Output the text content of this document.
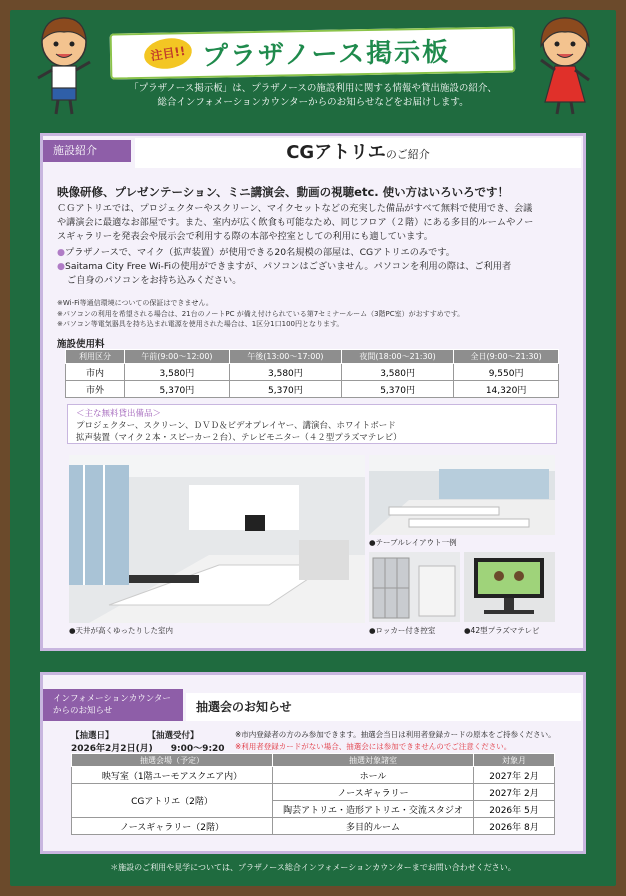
注目!! プラザノース掲示板
「プラザノース掲示板」は、プラザノースの施設利用に関する情報や貸出施設の紹介、
総合インフォメーションカウンターからのお知らせなどをお届けします。
施設紹介	CGアトリエのご紹介
映像研修、プレゼンテーション、ミニ講演会、動画の視聴etc. 使い方はいろいろです！
ＣＧアトリエでは、プロジェクターやスクリーン、マイクセットなどの充実した備品がすべて無料で使用でき、会議
や講演会に最適なお部屋です。また、室内が広く飲食も可能なため、同じフロア（２階）にある多目的ルームやノー
スギャラリーを発表会や展示会で利用する際の本部や控室としての利用にも適しています。
●プラザノースで、マイク（拡声装置）が使用できる20名規模の部屋は、CGアトリエのみです。
●Saitama City Free Wi-Fiの使用ができますが、パソコンはございません。パソコンを利用の際は、ご利用者
ご自身のパソコンをお持ち込みください。
※Wi-Fi等通信環境についての保証はできません。
※パソコンの利用を希望される場合は、21台のノートPC が備え付けられている第7セミナールーム（3階PC室）がおすすめです。
※パソコン等電気器具を持ち込まれ電源を使用された場合は、1区分1口100円となります。
施設使用料
利用区分	午前(9:00～12:00)	午後(13:00～17:00)	夜間(18:00～21:30)	全日(9:00～21:30)
市内	3,580円	3,580円	3,580円	9,550円
市外	5,370円	5,370円	5,370円	14,320円
＜主な無料貸出備品＞
プロジェクター、スクリーン、ＤＶＤ＆ビデオプレイヤー、講演台、ホワイトボード
拡声装置（マイク２本・スピーカー２台）、テレビモニター（４２型プラズマテレビ）
●天井が高くゆったりした室内
●テーブルレイアウト一例
●ロッカー付き控室	●42型プラズマテレビ
インフォメーションカウンター
からのお知らせ	抽選会のお知らせ
【抽選日】　　　　　【抽選受付】
2026年2月2日(月)　　9:00～9:20
※市内登録者の方のみ参加できます。抽選会当日は利用者登録カードの原本をご持参ください。
※利用者登録カードがない場合、抽選会には参加できませんのでご注意ください。
抽選会場（予定）	抽選対象諸室	対象月
映写室（1階ユーモアスクエア内）	ホール	2027年 2月
CGアトリエ（2階）	ノースギャラリー	2027年 2月
	陶芸アトリエ・造形アトリエ・交流スタジオ	2026年 5月
ノースギャラリー（2階）	多目的ルーム	2026年 8月
＊施設のご利用や見学については、プラザノース総合インフォメーションカウンターまでお問い合わせください。
